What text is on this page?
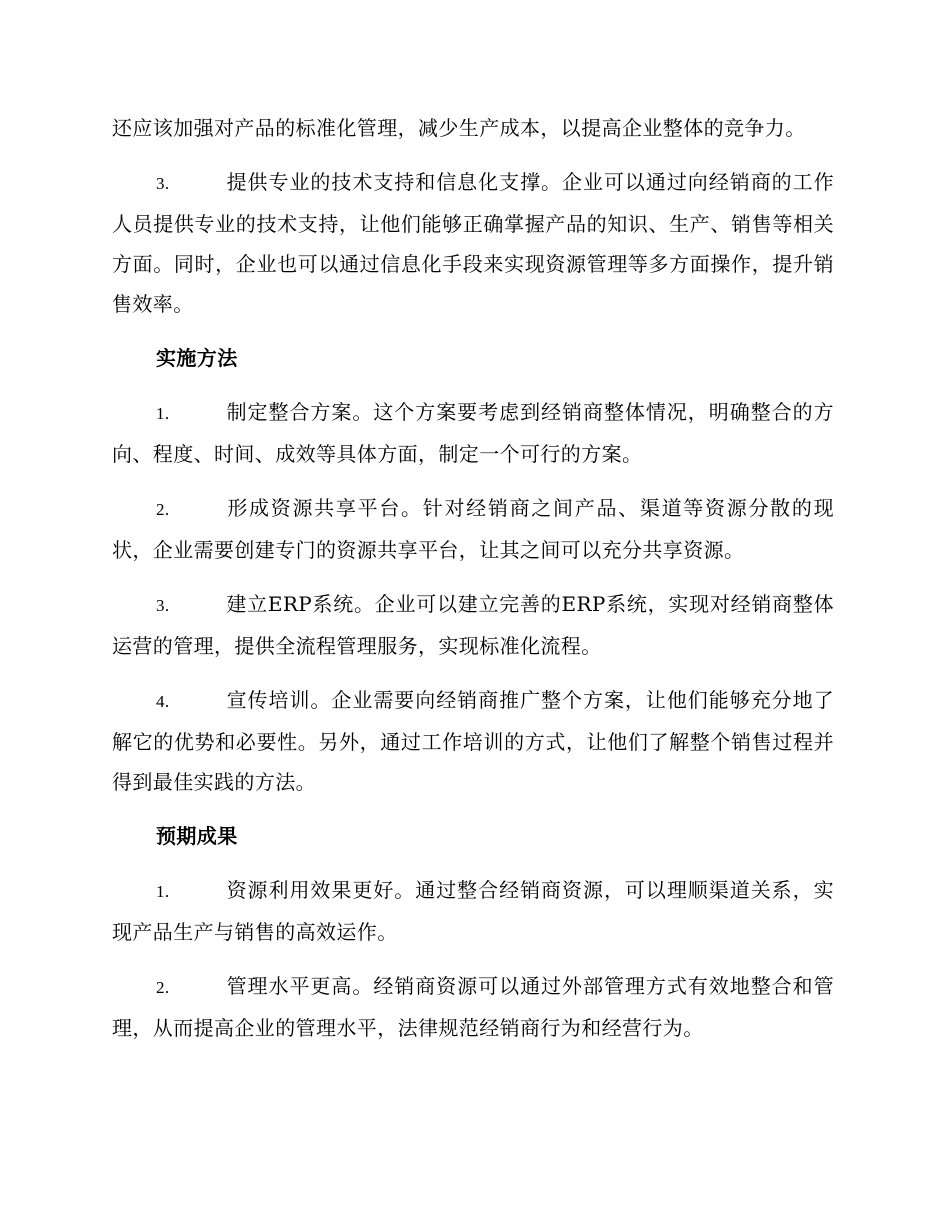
还应该加强对产品的标准化管理，减少生产成本，以提高企业整体的竞争力。

3.	提供专业的技术支持和信息化支撑。企业可以通过向经销商的工作人员提供专业的技术支持，让他们能够正确掌握产品的知识、生产、销售等相关方面。同时，企业也可以通过信息化手段来实现资源管理等多方面操作，提升销售效率。

实施方法

1.	制定整合方案。这个方案要考虑到经销商整体情况，明确整合的方向、程度、时间、成效等具体方面，制定一个可行的方案。

2.	形成资源共享平台。针对经销商之间产品、渠道等资源分散的现状，企业需要创建专门的资源共享平台，让其之间可以充分共享资源。

3.	建立ERP系统。企业可以建立完善的ERP系统，实现对经销商整体运营的管理，提供全流程管理服务，实现标准化流程。

4.	宣传培训。企业需要向经销商推广整个方案，让他们能够充分地了解它的优势和必要性。另外，通过工作培训的方式，让他们了解整个销售过程并得到最佳实践的方法。

预期成果

1.	资源利用效果更好。通过整合经销商资源，可以理顺渠道关系，实现产品生产与销售的高效运作。

2.	管理水平更高。经销商资源可以通过外部管理方式有效地整合和管理，从而提高企业的管理水平，法律规范经销商行为和经营行为。
